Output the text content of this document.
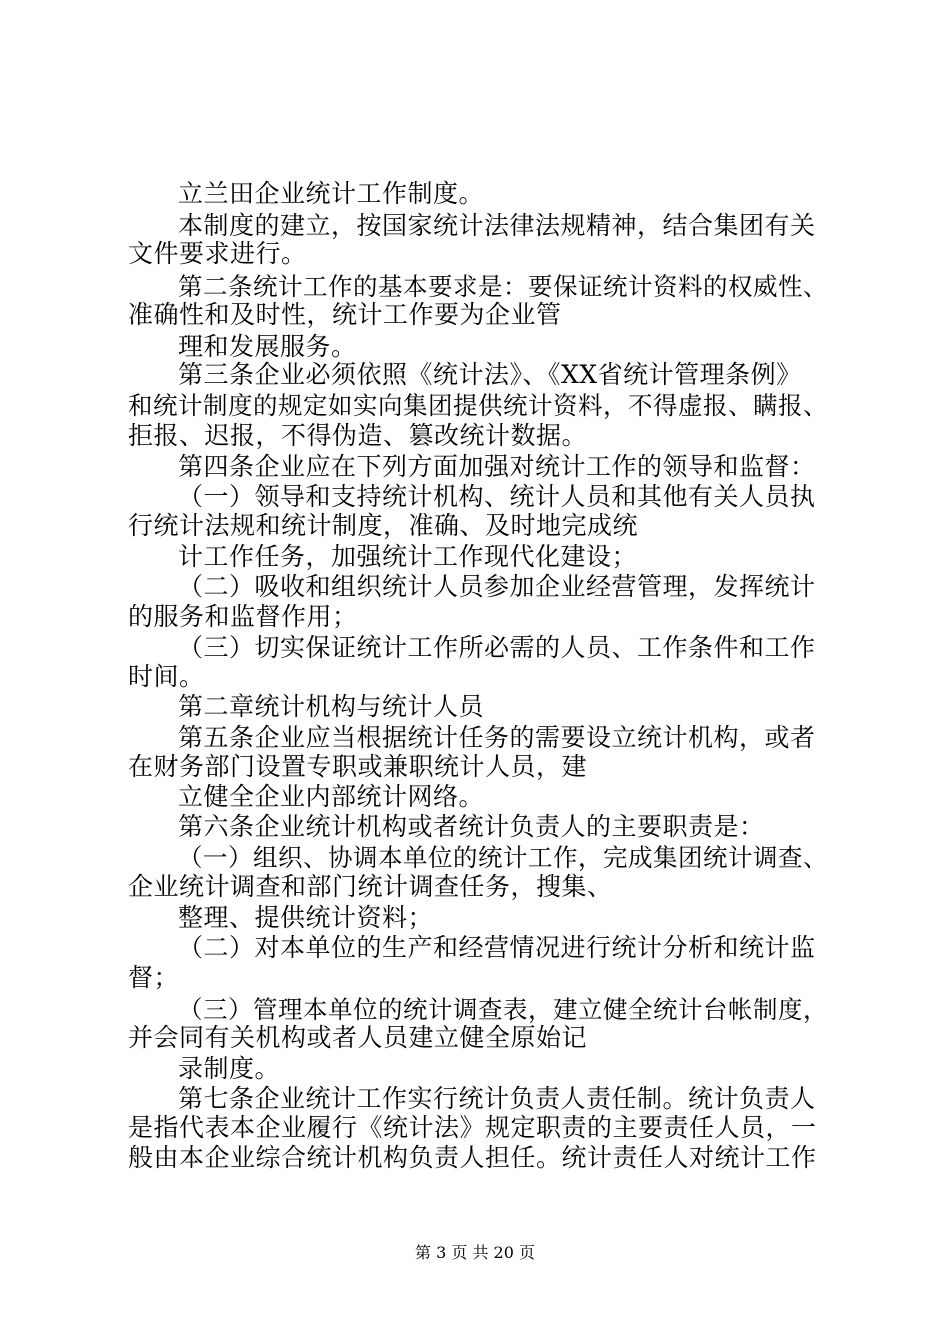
立兰田企业统计工作制度。
本制度的建立，按国家统计法律法规精神，结合集团有关
文件要求进行。
第二条统计工作的基本要求是：要保证统计资料的权威性、
准确性和及时性，统计工作要为企业管
理和发展服务。
第三条企业必须依照《统计法》、《XX省统计管理条例》
和统计制度的规定如实向集团提供统计资料，不得虚报、瞒报、
拒报、迟报，不得伪造、篡改统计数据。
第四条企业应在下列方面加强对统计工作的领导和监督：
（一）领导和支持统计机构、统计人员和其他有关人员执
行统计法规和统计制度，准确、及时地完成统
计工作任务，加强统计工作现代化建设；
（二）吸收和组织统计人员参加企业经营管理，发挥统计
的服务和监督作用；
（三）切实保证统计工作所必需的人员、工作条件和工作
时间。
第二章统计机构与统计人员
第五条企业应当根据统计任务的需要设立统计机构，或者
在财务部门设置专职或兼职统计人员，建
立健全企业内部统计网络。
第六条企业统计机构或者统计负责人的主要职责是：
（一）组织、协调本单位的统计工作，完成集团统计调查、
企业统计调查和部门统计调查任务，搜集、
整理、提供统计资料；
（二）对本单位的生产和经营情况进行统计分析和统计监
督；
（三）管理本单位的统计调查表，建立健全统计台帐制度，
并会同有关机构或者人员建立健全原始记
录制度。
第七条企业统计工作实行统计负责人责任制。统计负责人
是指代表本企业履行《统计法》规定职责的主要责任人员，一
般由本企业综合统计机构负责人担任。统计责任人对统计工作
第 3 页 共 20 页
